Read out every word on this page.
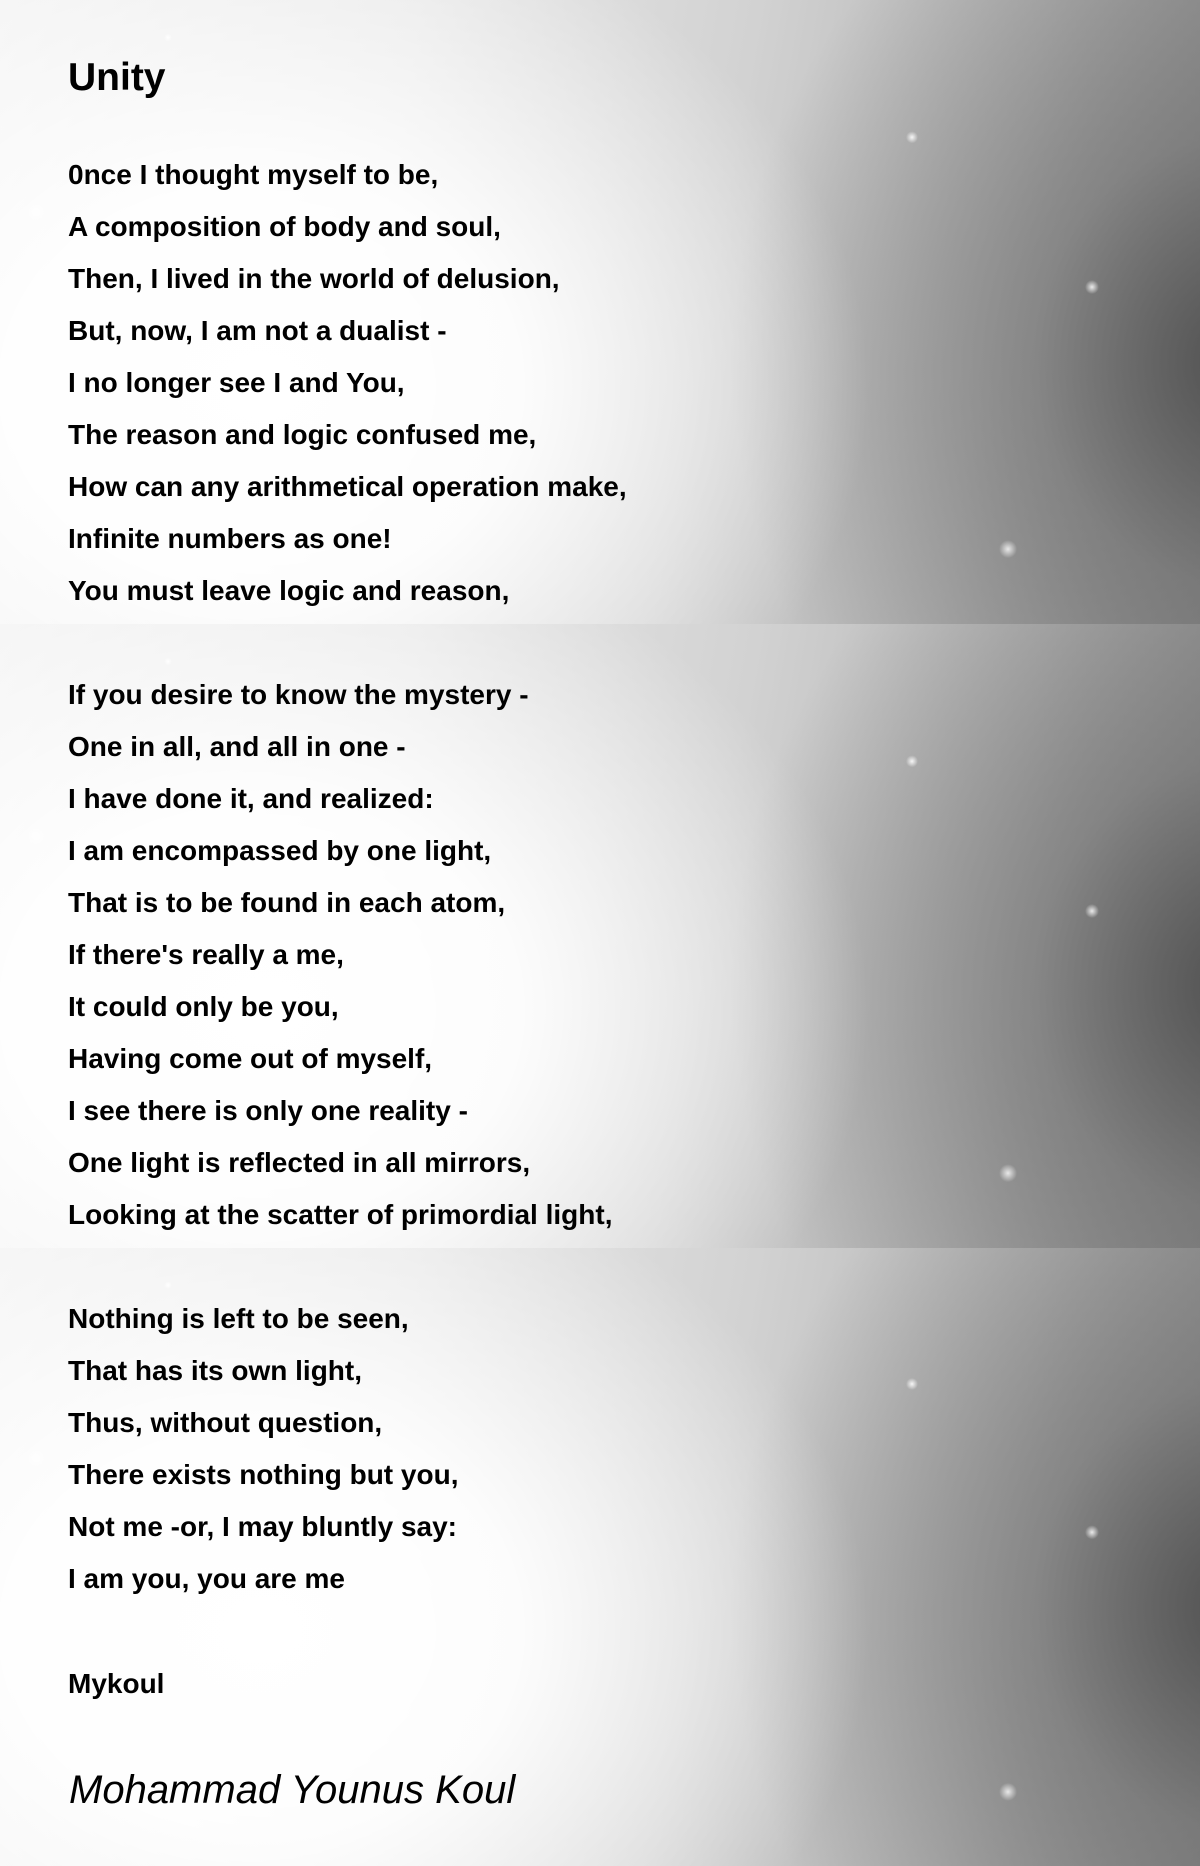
Unity
0nce I thought myself to be,
A composition of body and soul,
Then, I lived in the world of delusion,
But, now, I am not a dualist -
I no longer see I and You,
The reason and logic confused me,
How can any arithmetical operation make,
Infinite numbers as one!
You must leave logic and reason,
If you desire to know the mystery -
One in all, and all in one -
I have done it, and realized:
I am encompassed by one light,
That is to be found in each atom,
If there's really a me,
It could only be you,
Having come out of myself,
I see there is only one reality -
One light is reflected in all mirrors,
Looking at the scatter of primordial light,
Nothing is left to be seen,
That has its own light,
Thus, without question,
There exists nothing but you,
Not me -or, I may bluntly say:
I am you, you are me
Mykoul
Mohammad Younus Koul
